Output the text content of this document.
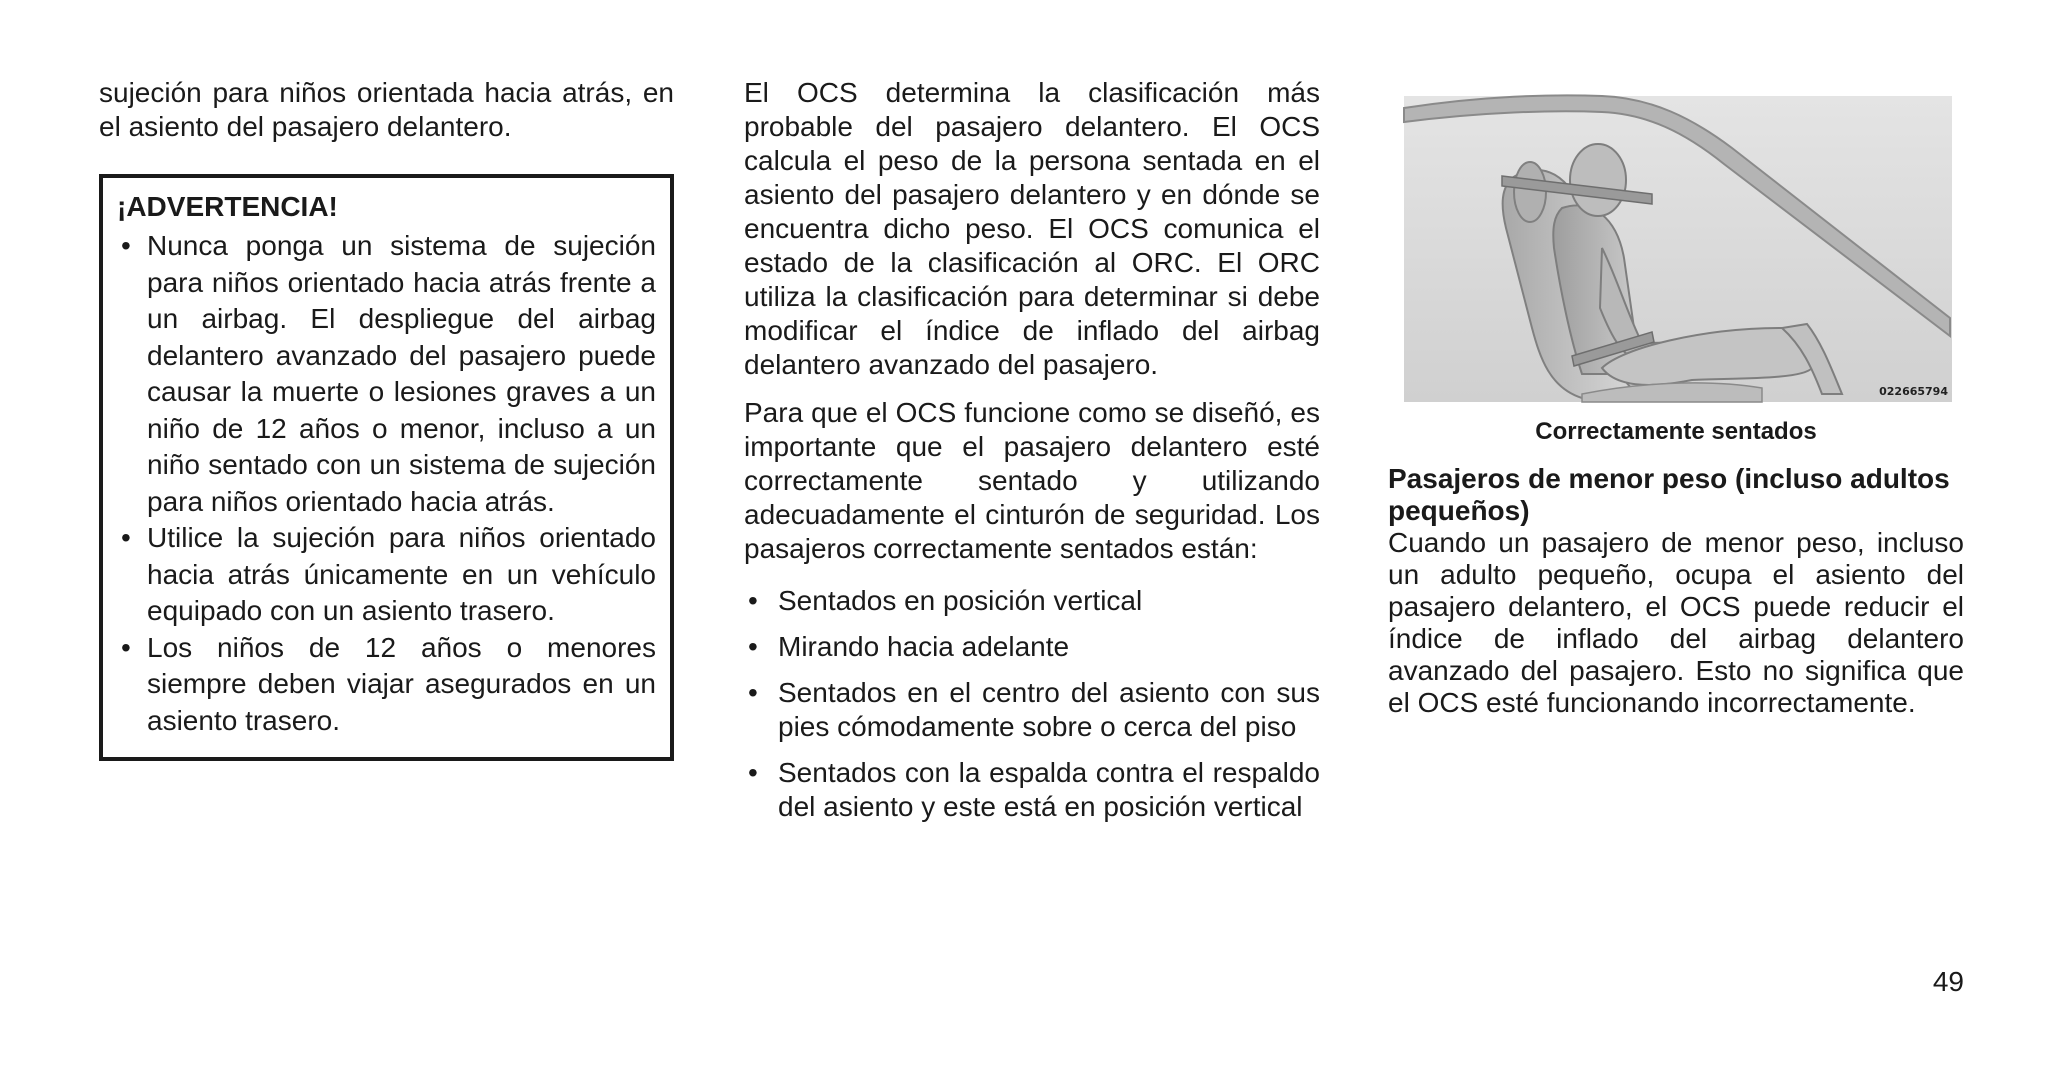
sujeción para niños orientada hacia atrás, en el asiento del pasajero delantero.

¡ADVERTENCIA!
• Nunca ponga un sistema de sujeción para niños orientado hacia atrás frente a un airbag. El despliegue del airbag delantero avanzado del pasajero puede causar la muerte o lesiones graves a un niño de 12 años o menor, incluso a un niño sentado con un sistema de sujeción para niños orientado hacia atrás.
• Utilice la sujeción para niños orientado hacia atrás únicamente en un vehículo equipado con un asiento trasero.
• Los niños de 12 años o menores siempre deben viajar asegurados en un asiento trasero.

El OCS determina la clasificación más probable del pasajero delantero. El OCS calcula el peso de la persona sentada en el asiento del pasajero delantero y en dónde se encuentra dicho peso. El OCS comunica el estado de la clasificación al ORC. El ORC utiliza la clasificación para determinar si debe modificar el índice de inflado del airbag delantero avanzado del pasajero.

Para que el OCS funcione como se diseñó, es importante que el pasajero delantero esté correctamente sentado y utilizando adecuadamente el cinturón de seguridad. Los pasajeros correctamente sentados están:

• Sentados en posición vertical
• Mirando hacia adelante
• Sentados en el centro del asiento con sus pies cómodamente sobre o cerca del piso
• Sentados con la espalda contra el respaldo del asiento y este está en posición vertical
022665794
Correctamente sentados

Pasajeros de menor peso (incluso adultos pequeños)

Cuando un pasajero de menor peso, incluso un adulto pequeño, ocupa el asiento del pasajero delantero, el OCS puede reducir el índice de inflado del airbag delantero avanzado del pasajero. Esto no significa que el OCS esté funcionando incorrectamente.

49
